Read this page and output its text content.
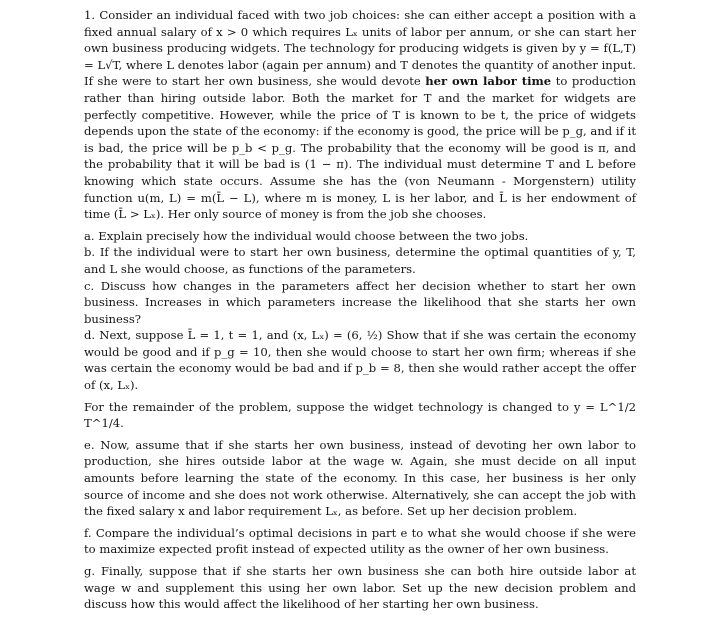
1. Consider an individual faced with two job choices: she can either accept a position with a fixed annual salary of x > 0 which requires Lₓ units of labor per annum, or she can start her own business producing widgets. The technology for producing widgets is given by y = f(L,T) = L√T, where L denotes labor (again per annum) and T denotes the quantity of another input. If she were to start her own business, she would devote her own labor time to production rather than hiring outside labor. Both the market for T and the market for widgets are perfectly competitive. However, while the price of T is known to be t, the price of widgets depends upon the state of the economy: if the economy is good, the price will be p_g, and if it is bad, the price will be p_b < p_g. The probability that the economy will be good is π, and the probability that it will be bad is (1 − π). The individual must determine T and L before knowing which state occurs. Assume she has the (von Neumann - Morgenstern) utility function u(m, L) = m(L̄ − L), where m is money, L is her labor, and L̄ is her endowment of time (L̄ > Lₓ). Her only source of money is from the job she chooses.

a. Explain precisely how the individual would choose between the two jobs.

b. If the individual were to start her own business, determine the optimal quantities of y, T, and L she would choose, as functions of the parameters.

c. Discuss how changes in the parameters affect her decision whether to start her own business. Increases in which parameters increase the likelihood that she starts her own business?

d. Next, suppose L̄ = 1, t = 1, and (x, Lₓ) = (6, ½) Show that if she was certain the economy would be good and if p_g = 10, then she would choose to start her own firm; whereas if she was certain the economy would be bad and if p_b = 8, then she would rather accept the offer of (x, Lₓ).

For the remainder of the problem, suppose the widget technology is changed to y = L^1/2 T^1/4.

e. Now, assume that if she starts her own business, instead of devoting her own labor to production, she hires outside labor at the wage w. Again, she must decide on all input amounts before learning the state of the economy. In this case, her business is her only source of income and she does not work otherwise. Alternatively, she can accept the job with the fixed salary x and labor requirement Lₓ, as before. Set up her decision problem.

f. Compare the individual’s optimal decisions in part e to what she would choose if she were to maximize expected profit instead of expected utility as the owner of her own business.

g. Finally, suppose that if she starts her own business she can both hire outside labor at wage w and supplement this using her own labor. Set up the new decision problem and discuss how this would affect the likelihood of her starting her own business.
